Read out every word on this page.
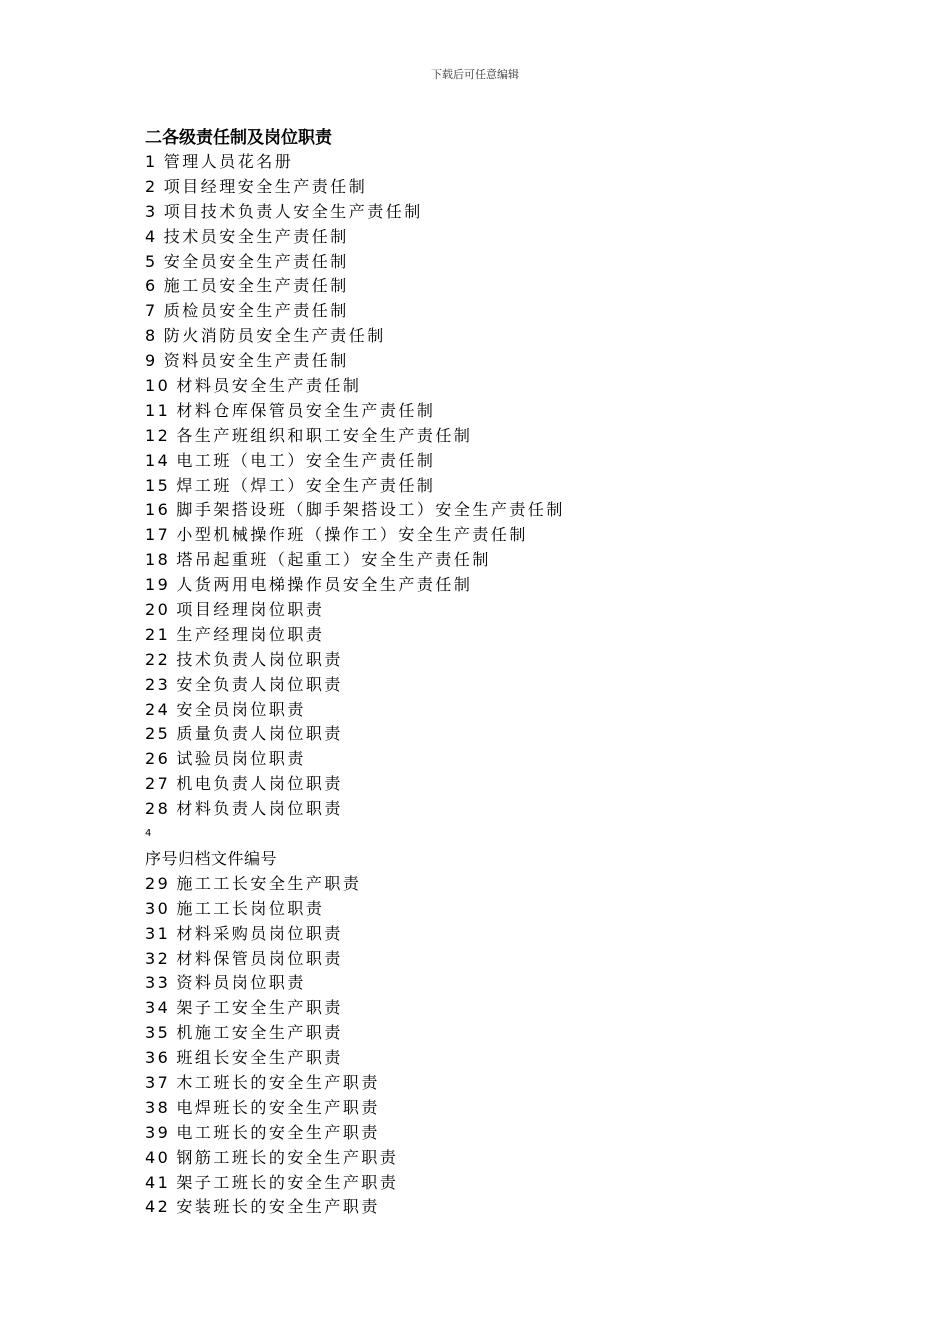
下载后可任意编辑
二各级责任制及岗位职责
1 管理人员花名册
2 项目经理安全生产责任制
3 项目技术负责人安全生产责任制
4 技术员安全生产责任制
5 安全员安全生产责任制
6 施工员安全生产责任制
7 质检员安全生产责任制
8 防火消防员安全生产责任制
9 资料员安全生产责任制
10 材料员安全生产责任制
11 材料仓库保管员安全生产责任制
12 各生产班组织和职工安全生产责任制
14 电工班（电工）安全生产责任制
15 焊工班（焊工）安全生产责任制
16 脚手架搭设班（脚手架搭设工）安全生产责任制
17 小型机械操作班（操作工）安全生产责任制
18 塔吊起重班（起重工）安全生产责任制
19 人货两用电梯操作员安全生产责任制
20 项目经理岗位职责
21 生产经理岗位职责
22 技术负责人岗位职责
23 安全负责人岗位职责
24 安全员岗位职责
25 质量负责人岗位职责
26 试验员岗位职责
27 机电负责人岗位职责
28 材料负责人岗位职责
4
序号归档文件编号
29 施工工长安全生产职责
30 施工工长岗位职责
31 材料采购员岗位职责
32 材料保管员岗位职责
33 资料员岗位职责
34 架子工安全生产职责
35 机施工安全生产职责
36 班组长安全生产职责
37 木工班长的安全生产职责
38 电焊班长的安全生产职责
39 电工班长的安全生产职责
40 钢筋工班长的安全生产职责
41 架子工班长的安全生产职责
42 安装班长的安全生产职责
